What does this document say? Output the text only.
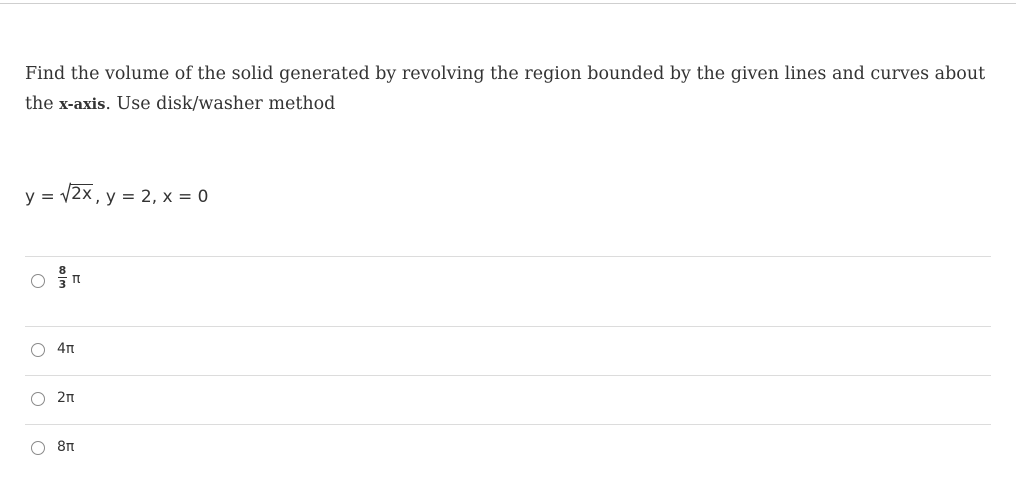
Find the volume of the solid generated by revolving the region bounded by the given lines and curves about the x-axis. Use disk/washer method
y = 2x , y = 2, x = 0
$\frac{8}{3}$ π
4π
2π
8π
